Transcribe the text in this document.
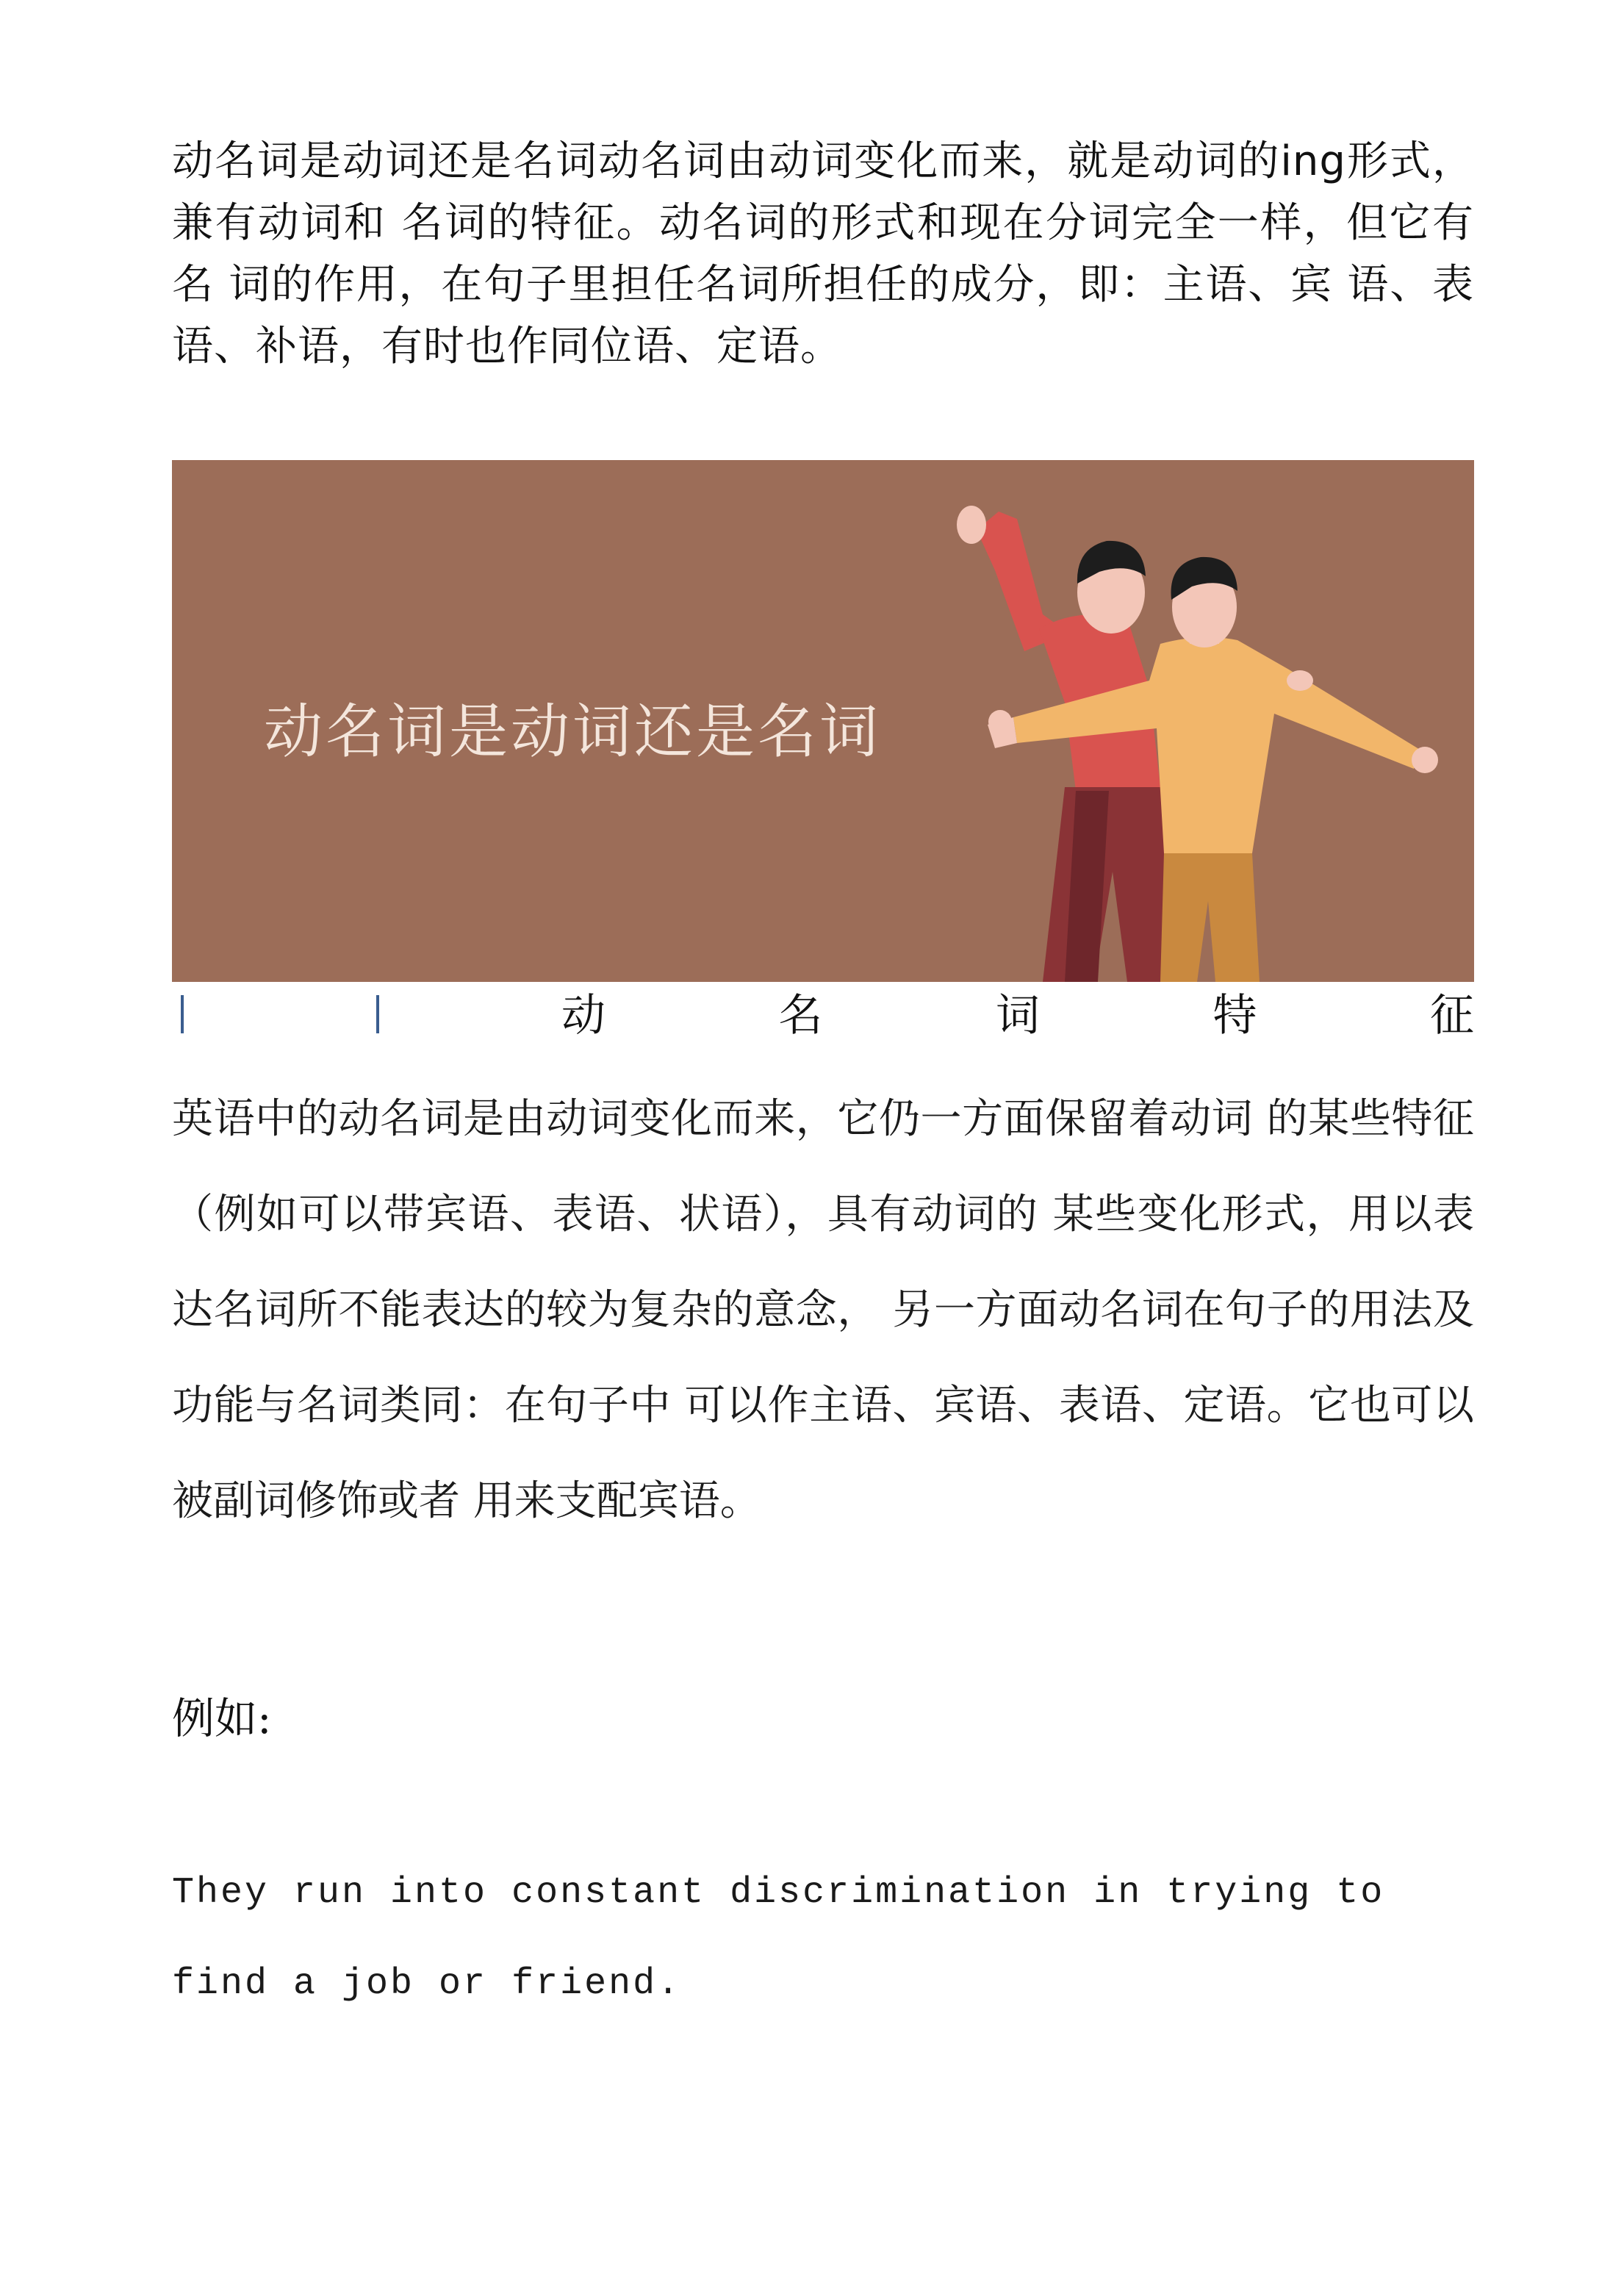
动名词是动词还是名词动名词由动词变化而来，就是动词的ing形式，兼有动词和 名词的特征。动名词的形式和现在分词完全一样，但它有名 词的作用，在句子里担任名词所担任的成分，即：主语、宾 语、表语、补语，有时也作同位语、定语。

动名词是动词还是名词
动	名	词	特	征

英语中的动名词是由动词变化而来，它仍一方面保留着动词 的某些特征（例如可以带宾语、表语、状语），具有动词的 某些变化形式，用以表达名词所不能表达的较为复杂的意念， 另一方面动名词在句子的用法及功能与名词类同：在句子中 可以作主语、宾语、表语、定语。它也可以被副词修饰或者 用来支配宾语。

例如:

They run into constant discrimination in trying to find a job or friend.
